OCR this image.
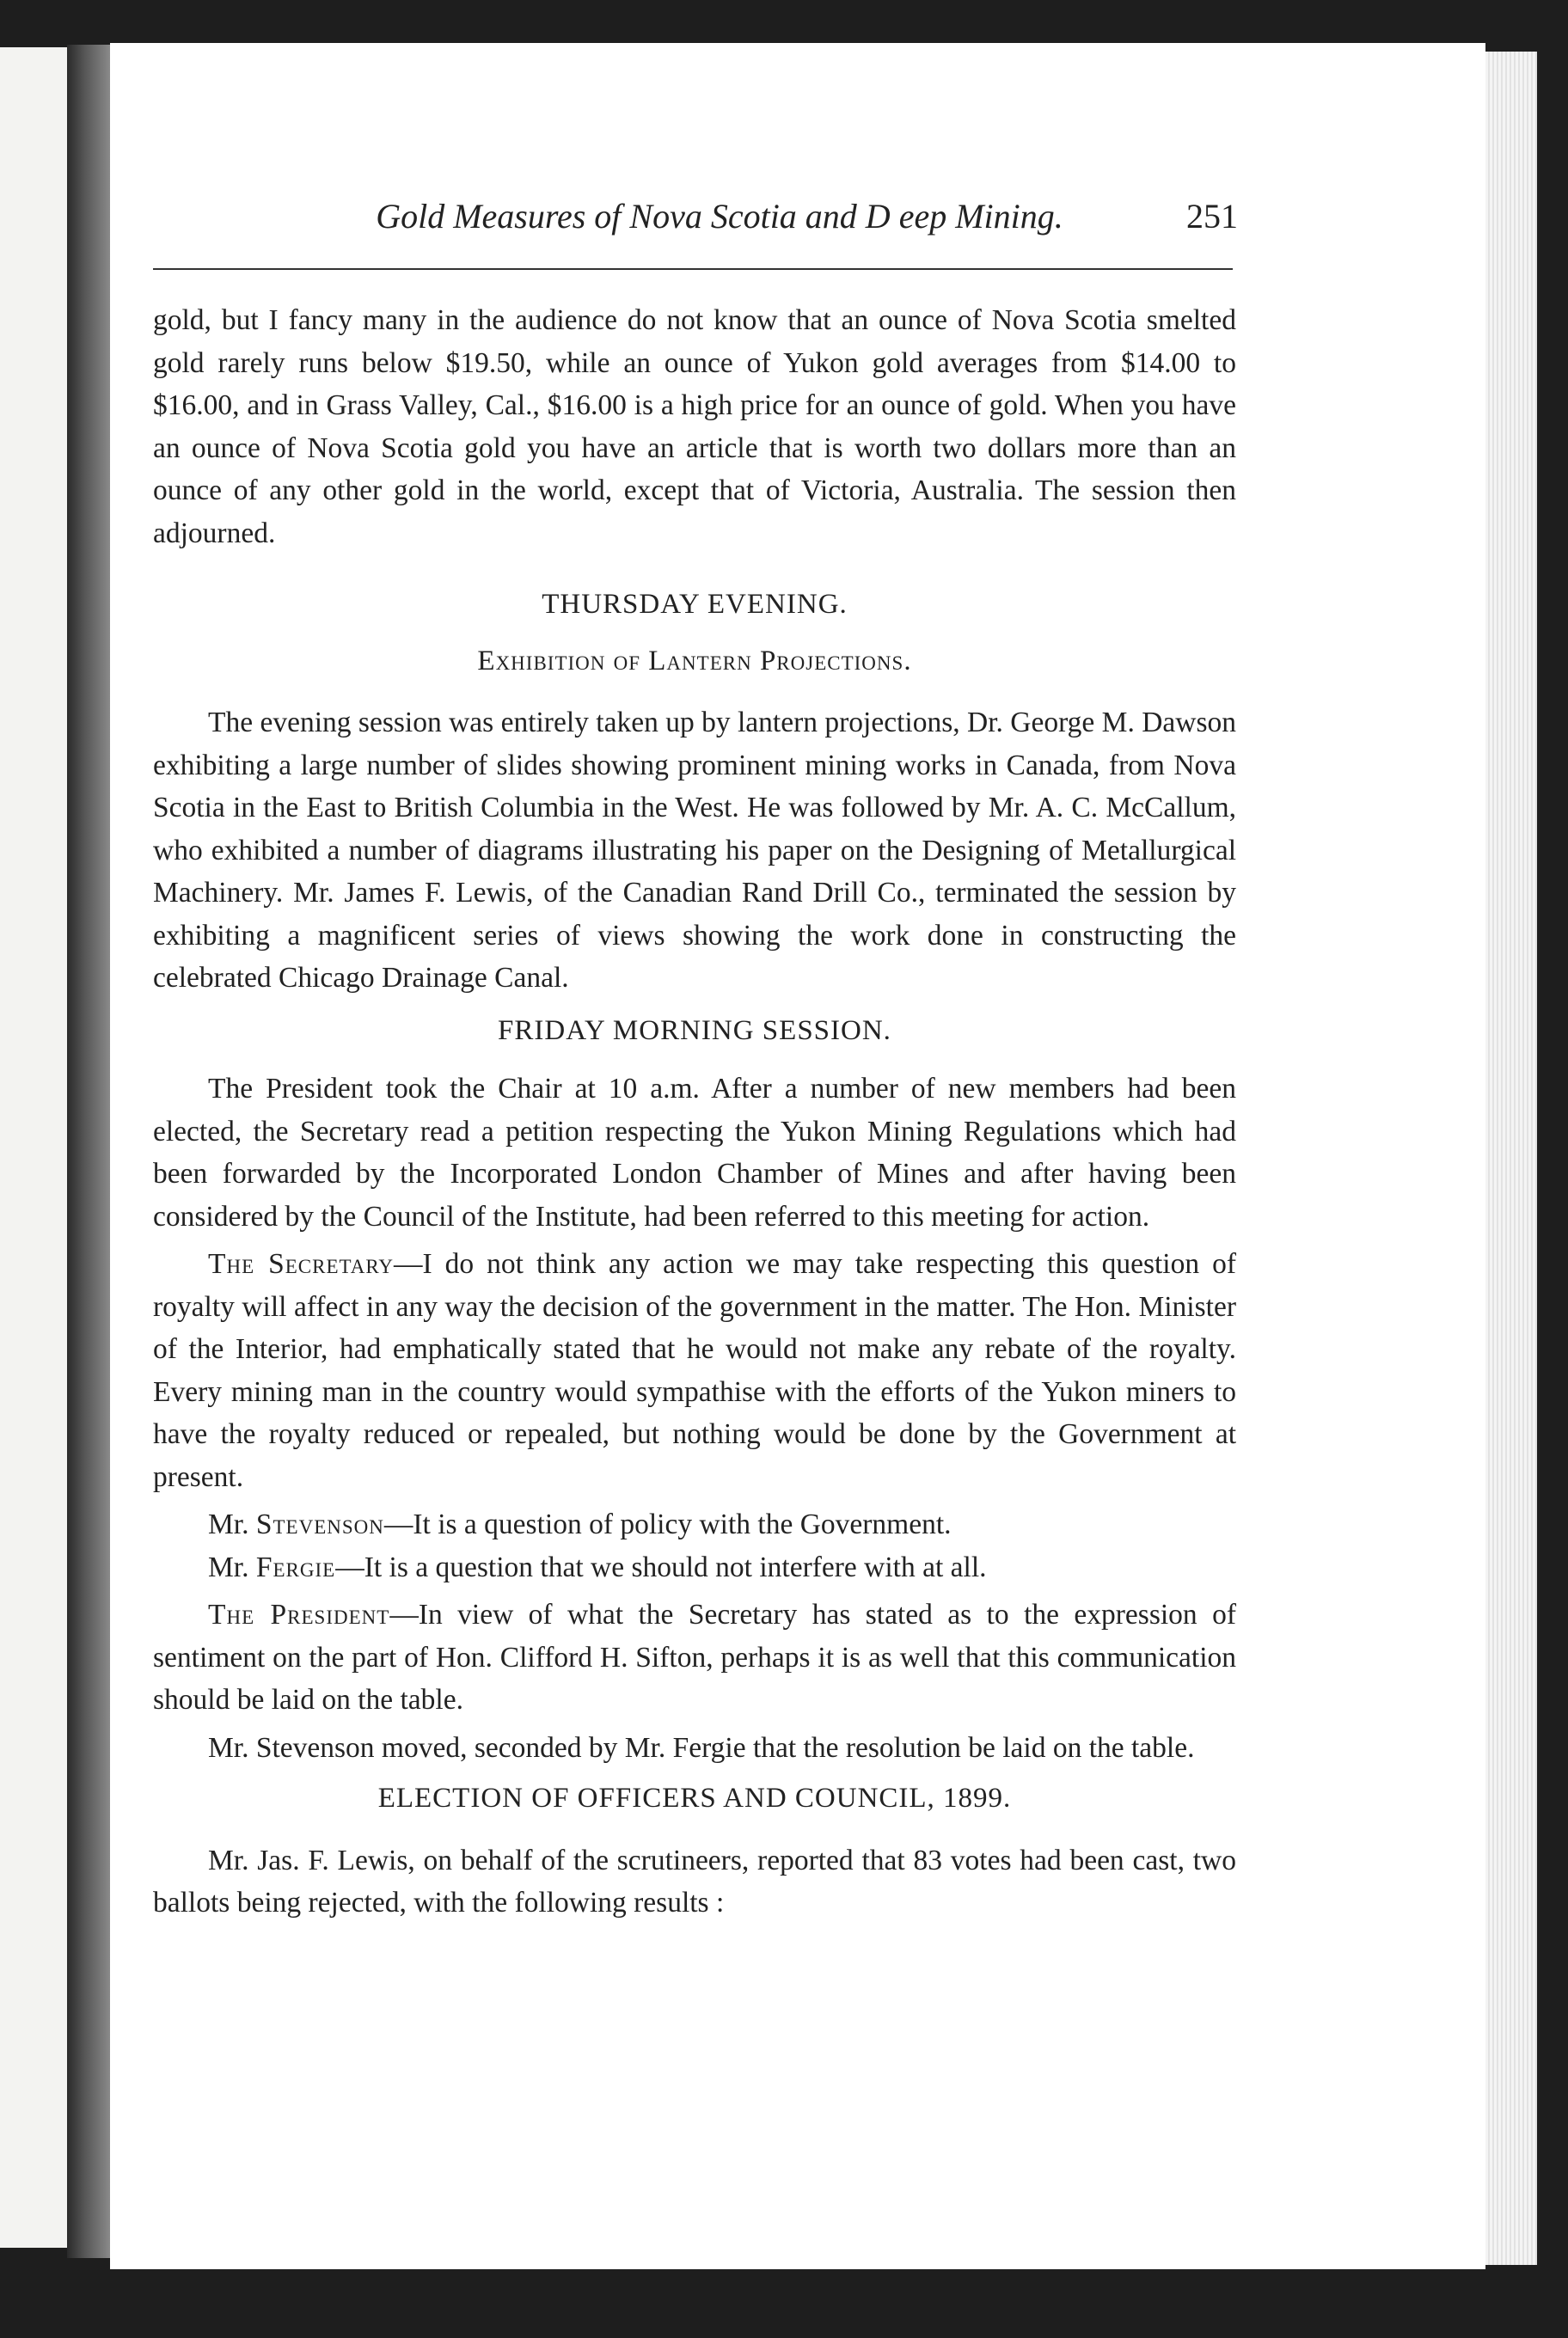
Gold Measures of Nova Scotia and D eep Mining.	251

gold, but I fancy many in the audience do not know that an ounce of Nova Scotia smelted gold rarely runs below $19.50, while an ounce of Yukon gold averages from $14.00 to $16.00, and in Grass Valley, Cal., $16.00 is a high price for an ounce of gold. When you have an ounce of Nova Scotia gold you have an article that is worth two dollars more than an ounce of any other gold in the world, except that of Victoria, Australia. The session then adjourned.

THURSDAY EVENING.
Exhibition of Lantern Projections.

The evening session was entirely taken up by lantern projections, Dr. George M. Dawson exhibiting a large number of slides showing prominent mining works in Canada, from Nova Scotia in the East to British Columbia in the West. He was followed by Mr. A. C. McCallum, who exhibited a number of diagrams illustrating his paper on the Designing of Metallurgical Machinery. Mr. James F. Lewis, of the Canadian Rand Drill Co., terminated the session by exhibiting a magnificent series of views showing the work done in constructing the celebrated Chicago Drainage Canal.

FRIDAY MORNING SESSION.

The President took the Chair at 10 a.m. After a number of new members had been elected, the Secretary read a petition respecting the Yukon Mining Regulations which had been forwarded by the Incorporated London Chamber of Mines and after having been considered by the Council of the Institute, had been referred to this meeting for action.

The Secretary—I do not think any action we may take respecting this question of royalty will affect in any way the decision of the government in the matter. The Hon. Minister of the Interior, had emphatically stated that he would not make any rebate of the royalty. Every mining man in the country would sympathise with the efforts of the Yukon miners to have the royalty reduced or repealed, but nothing would be done by the Government at present.

Mr. Stevenson—It is a question of policy with the Government.

Mr. Fergie—It is a question that we should not interfere with at all.

The President—In view of what the Secretary has stated as to the expression of sentiment on the part of Hon. Clifford H. Sifton, perhaps it is as well that this communication should be laid on the table.

Mr. Stevenson moved, seconded by Mr. Fergie that the resolution be laid on the table.

ELECTION OF OFFICERS AND COUNCIL, 1899.

Mr. Jas. F. Lewis, on behalf of the scrutineers, reported that 83 votes had been cast, two ballots being rejected, with the following results :
